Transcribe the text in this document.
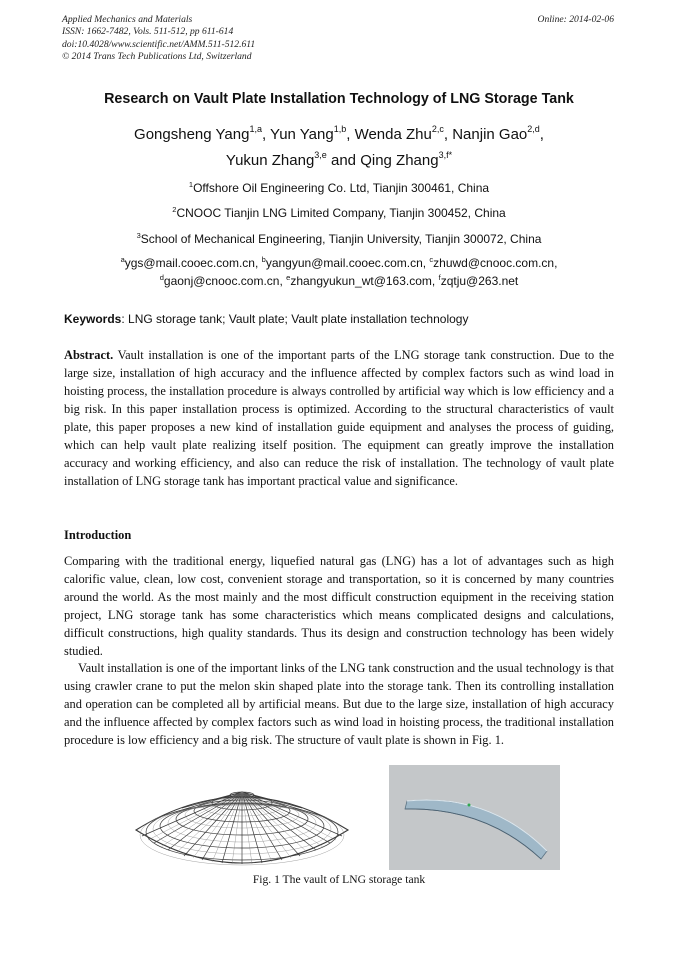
Applied Mechanics and Materials
ISSN: 1662-7482, Vols. 511-512, pp 611-614
doi:10.4028/www.scientific.net/AMM.511-512.611
© 2014 Trans Tech Publications Ltd, Switzerland
Online: 2014-02-06
Research on Vault Plate Installation Technology of LNG Storage Tank
Gongsheng Yang$^{1,a}$, Yun Yang$^{1,b}$, Wenda Zhu$^{2,c}$, Nanjin Gao$^{2,d}$,
Yukun Zhang$^{3,e}$ and Qing Zhang$^{3,f*}$
$^1$Offshore Oil Engineering Co. Ltd, Tianjin 300461, China
$^2$CNOOC Tianjin LNG Limited Company, Tianjin 300452, China
$^3$School of Mechanical Engineering, Tianjin University, Tianjin 300072, China
$^a$ygs@mail.cooec.com.cn, $^b$yangyun@mail.cooec.com.cn, $^c$zhuwd@cnooc.com.cn,
$^d$gaonj@cnooc.com.cn, $^e$zhangyukun_wt@163.com, $^f$zqtju@263.net
Keywords: LNG storage tank; Vault plate; Vault plate installation technology
Abstract. Vault installation is one of the important parts of the LNG storage tank construction. Due to the large size, installation of high accuracy and the influence affected by complex factors such as wind load in hoisting process, the installation procedure is always controlled by artificial way which is low efficiency and a big risk. In this paper installation process is optimized. According to the structural characteristics of vault plate, this paper proposes a new kind of installation guide equipment and analyses the process of guiding, which can help vault plate realizing itself position. The equipment can greatly improve the installation accuracy and working efficiency, and also can reduce the risk of installation. The technology of vault plate installation of LNG storage tank has important practical value and significance.
Introduction
Comparing with the traditional energy, liquefied natural gas (LNG) has a lot of advantages such as high calorific value, clean, low cost, convenient storage and transportation, so it is concerned by many countries around the world. As the most mainly and the most difficult construction equipment in the receiving station project, LNG storage tank has some characteristics which means complicated designs and calculations, difficult constructions, high quality standards. Thus its design and construction technology has been widely studied.
Vault installation is one of the important links of the LNG tank construction and the usual technology is that using crawler crane to put the melon skin shaped plate into the storage tank. Then its controlling installation and operation can be completed all by artificial means. But due to the large size, installation of high accuracy and the influence affected by complex factors such as wind load in hoisting process, the traditional installation procedure is low efficiency and a big risk. The structure of vault plate is shown in Fig. 1.
Fig. 1 The vault of LNG storage tank
